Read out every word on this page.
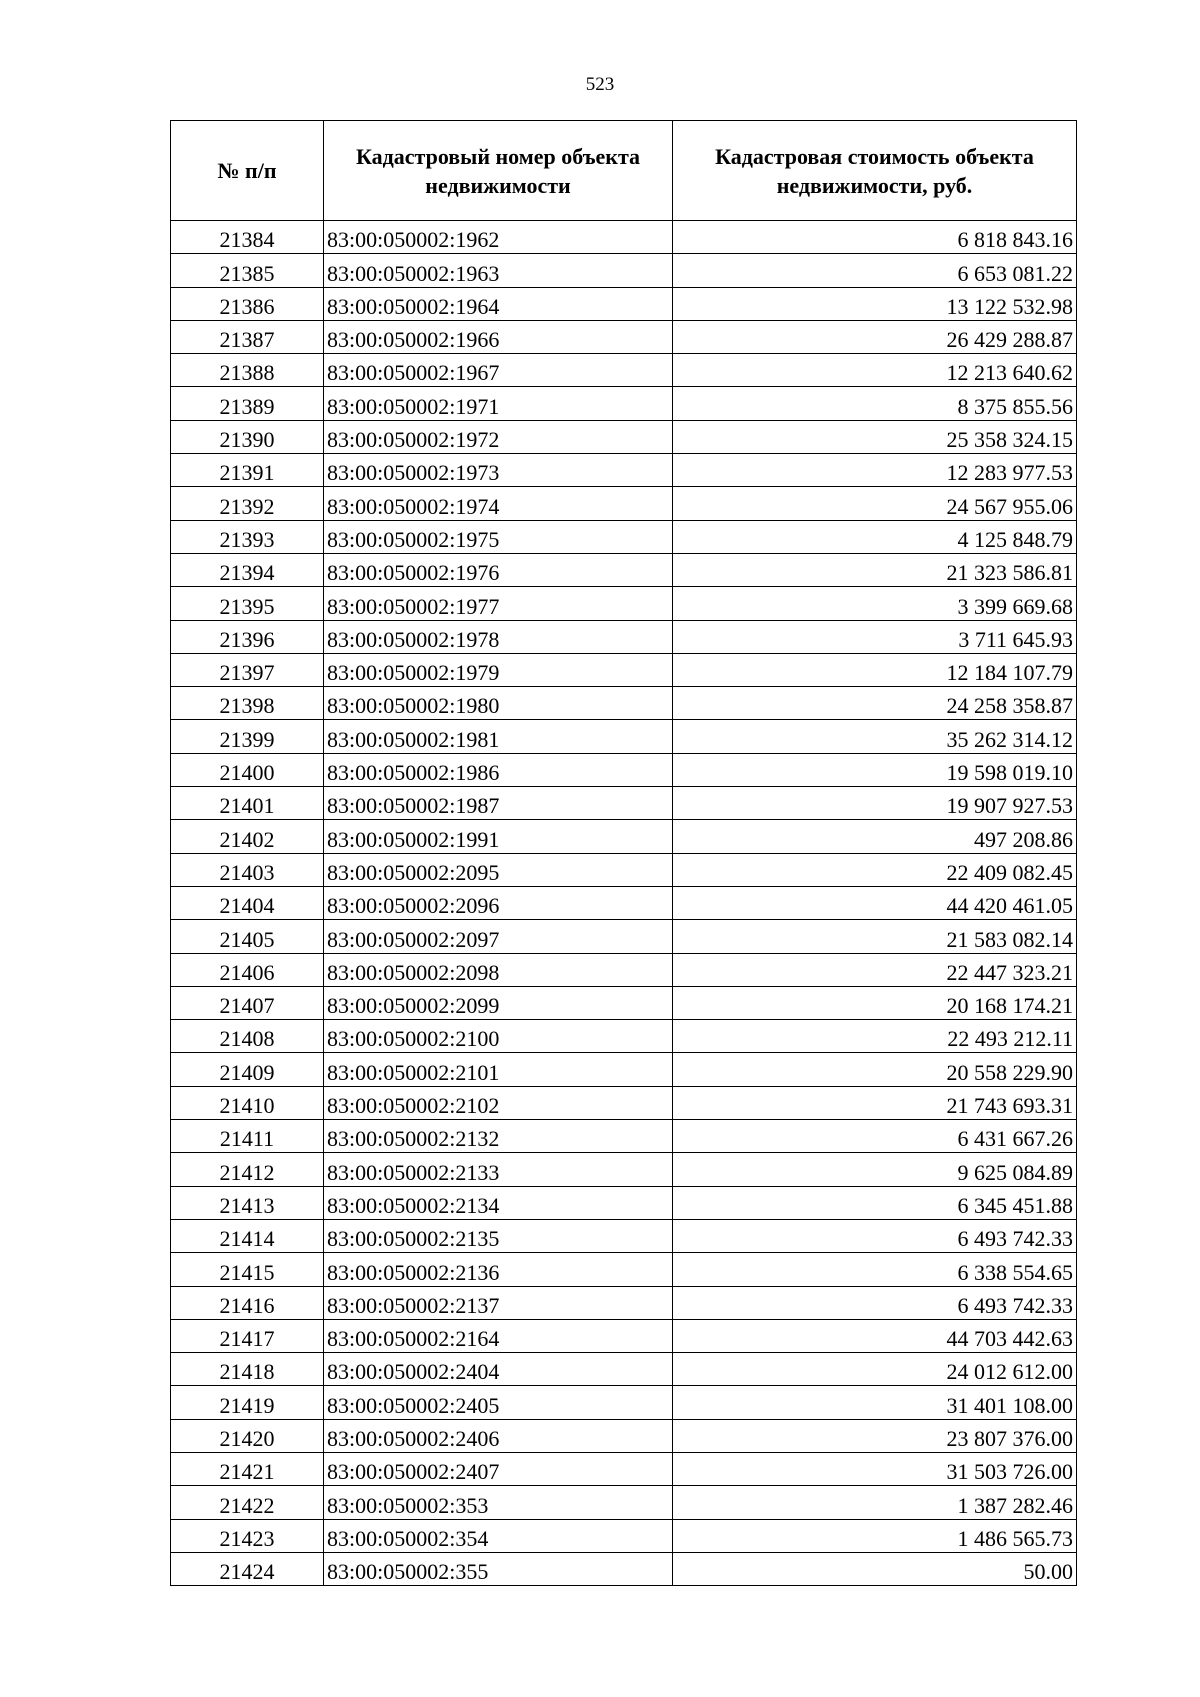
523
№ п/п	Кадастровый номер объекта недвижимости	Кадастровая стоимость объекта недвижимости, руб.
21384	83:00:050002:1962	6 818 843.16
21385	83:00:050002:1963	6 653 081.22
21386	83:00:050002:1964	13 122 532.98
21387	83:00:050002:1966	26 429 288.87
21388	83:00:050002:1967	12 213 640.62
21389	83:00:050002:1971	8 375 855.56
21390	83:00:050002:1972	25 358 324.15
21391	83:00:050002:1973	12 283 977.53
21392	83:00:050002:1974	24 567 955.06
21393	83:00:050002:1975	4 125 848.79
21394	83:00:050002:1976	21 323 586.81
21395	83:00:050002:1977	3 399 669.68
21396	83:00:050002:1978	3 711 645.93
21397	83:00:050002:1979	12 184 107.79
21398	83:00:050002:1980	24 258 358.87
21399	83:00:050002:1981	35 262 314.12
21400	83:00:050002:1986	19 598 019.10
21401	83:00:050002:1987	19 907 927.53
21402	83:00:050002:1991	497 208.86
21403	83:00:050002:2095	22 409 082.45
21404	83:00:050002:2096	44 420 461.05
21405	83:00:050002:2097	21 583 082.14
21406	83:00:050002:2098	22 447 323.21
21407	83:00:050002:2099	20 168 174.21
21408	83:00:050002:2100	22 493 212.11
21409	83:00:050002:2101	20 558 229.90
21410	83:00:050002:2102	21 743 693.31
21411	83:00:050002:2132	6 431 667.26
21412	83:00:050002:2133	9 625 084.89
21413	83:00:050002:2134	6 345 451.88
21414	83:00:050002:2135	6 493 742.33
21415	83:00:050002:2136	6 338 554.65
21416	83:00:050002:2137	6 493 742.33
21417	83:00:050002:2164	44 703 442.63
21418	83:00:050002:2404	24 012 612.00
21419	83:00:050002:2405	31 401 108.00
21420	83:00:050002:2406	23 807 376.00
21421	83:00:050002:2407	31 503 726.00
21422	83:00:050002:353	1 387 282.46
21423	83:00:050002:354	1 486 565.73
21424	83:00:050002:355	50.00
